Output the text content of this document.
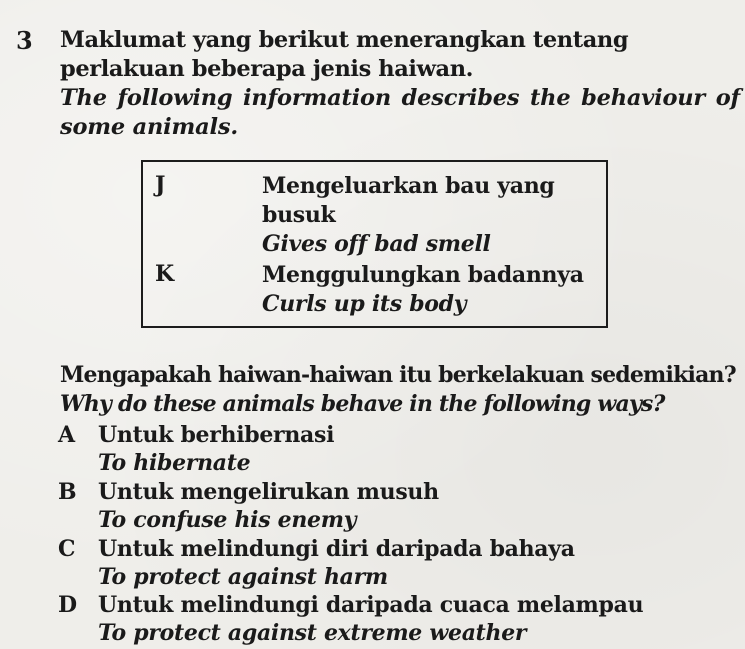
3 Maklumat yang berikut menerangkan tentang perlakuan beberapa jenis haiwan.
The following information describes the behaviour of some animals.
J	Mengeluarkan bau yang
busuk
Gives off bad smell
K	Menggulungkan badannya
Curls up its body
Mengapakah haiwan-haiwan itu berkelakuan sedemikian?
Why do these animals behave in the following ways?
A	Untuk berhibernasi
To hibernate
B Untuk mengelirukan musuh
To confuse his enemy
C	Untuk melindungi diri daripada bahaya
To protect against harm
D Untuk melindungi daripada cuaca melampau
To protect against extreme weather
